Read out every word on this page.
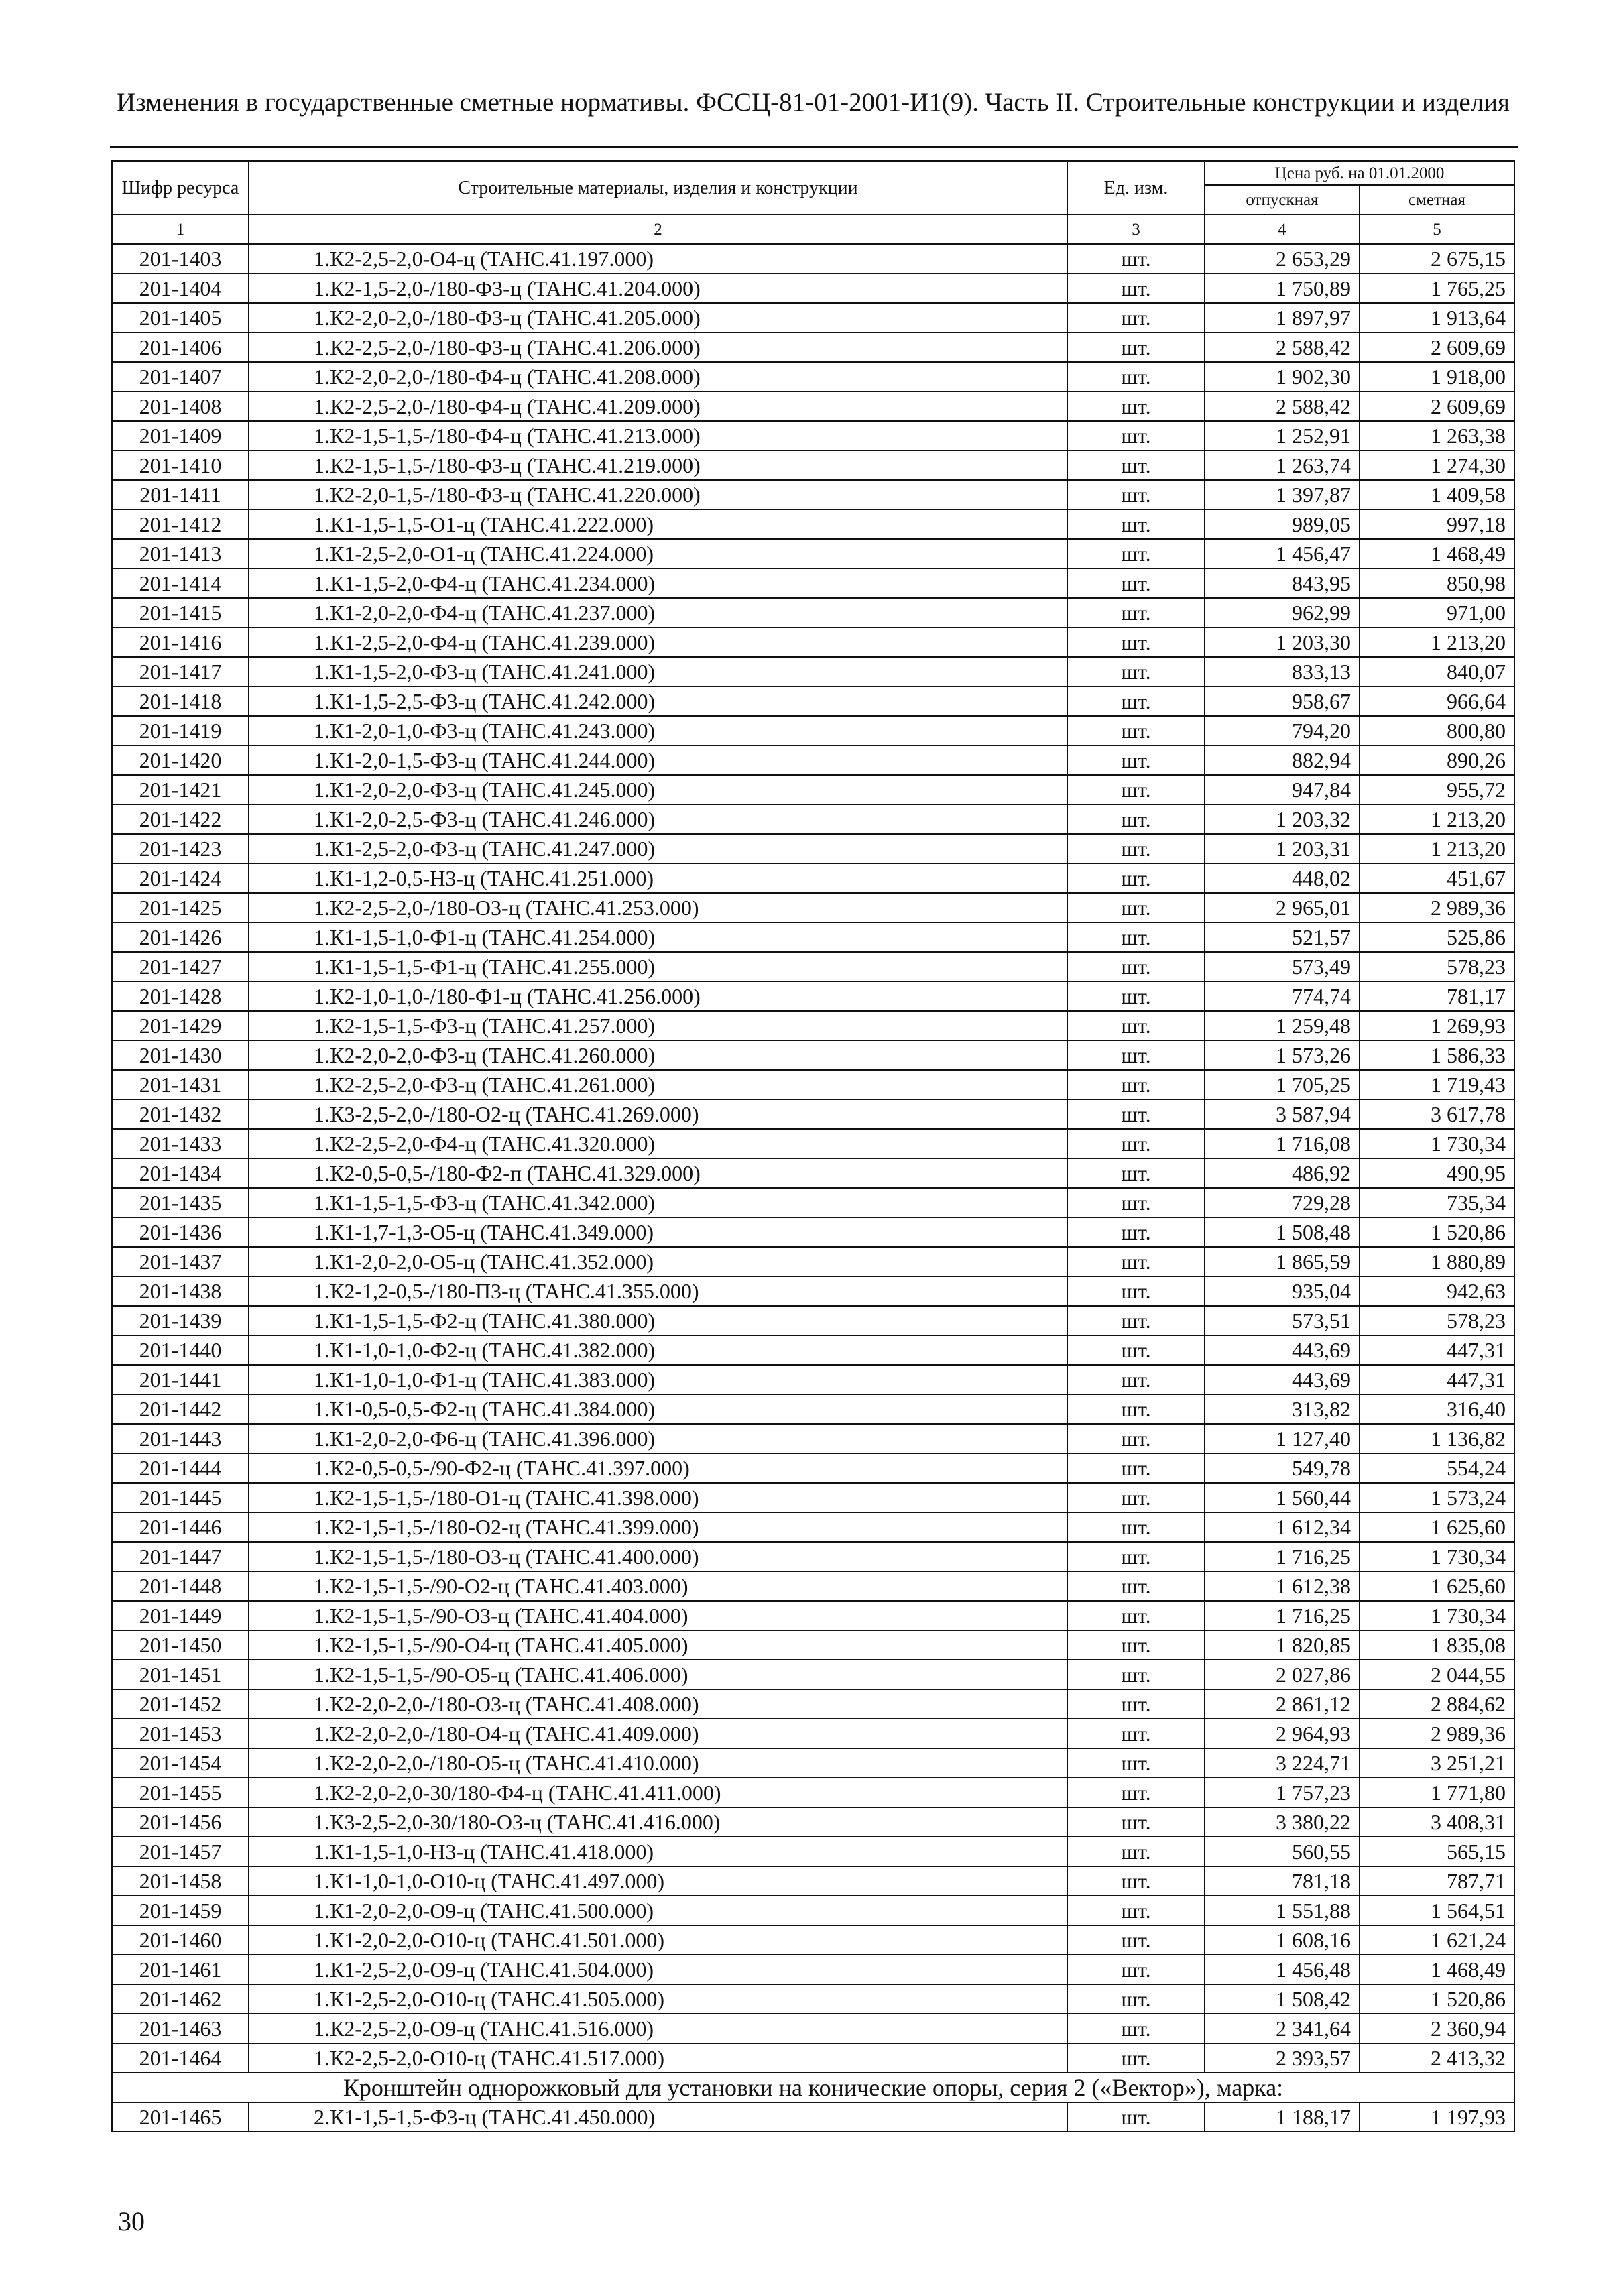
Изменения в государственные сметные нормативы. ФССЦ-81-01-2001-И1(9). Часть II. Строительные конструкции и изделия
Шифр ресурса	Строительные материалы, изделия и конструкции	Ед. изм.	Цена руб. на 01.01.2000	
			отпускная	сметная
1	2	3	4	5
201-1403	1.К2-2,5-2,0-О4-ц (ТАНС.41.197.000)	шт.	2 653,29	2 675,15
201-1404	1.К2-1,5-2,0-/180-Ф3-ц (ТАНС.41.204.000)	шт.	1 750,89	1 765,25
201-1405	1.К2-2,0-2,0-/180-Ф3-ц (ТАНС.41.205.000)	шт.	1 897,97	1 913,64
201-1406	1.К2-2,5-2,0-/180-Ф3-ц (ТАНС.41.206.000)	шт.	2 588,42	2 609,69
201-1407	1.К2-2,0-2,0-/180-Ф4-ц (ТАНС.41.208.000)	шт.	1 902,30	1 918,00
201-1408	1.К2-2,5-2,0-/180-Ф4-ц (ТАНС.41.209.000)	шт.	2 588,42	2 609,69
201-1409	1.К2-1,5-1,5-/180-Ф4-ц (ТАНС.41.213.000)	шт.	1 252,91	1 263,38
201-1410	1.К2-1,5-1,5-/180-Ф3-ц (ТАНС.41.219.000)	шт.	1 263,74	1 274,30
201-1411	1.К2-2,0-1,5-/180-Ф3-ц (ТАНС.41.220.000)	шт.	1 397,87	1 409,58
201-1412	1.К1-1,5-1,5-О1-ц (ТАНС.41.222.000)	шт.	989,05	997,18
201-1413	1.К1-2,5-2,0-О1-ц (ТАНС.41.224.000)	шт.	1 456,47	1 468,49
201-1414	1.К1-1,5-2,0-Ф4-ц (ТАНС.41.234.000)	шт.	843,95	850,98
201-1415	1.К1-2,0-2,0-Ф4-ц (ТАНС.41.237.000)	шт.	962,99	971,00
201-1416	1.К1-2,5-2,0-Ф4-ц (ТАНС.41.239.000)	шт.	1 203,30	1 213,20
201-1417	1.К1-1,5-2,0-Ф3-ц (ТАНС.41.241.000)	шт.	833,13	840,07
201-1418	1.К1-1,5-2,5-Ф3-ц (ТАНС.41.242.000)	шт.	958,67	966,64
201-1419	1.К1-2,0-1,0-Ф3-ц (ТАНС.41.243.000)	шт.	794,20	800,80
201-1420	1.К1-2,0-1,5-Ф3-ц (ТАНС.41.244.000)	шт.	882,94	890,26
201-1421	1.К1-2,0-2,0-Ф3-ц (ТАНС.41.245.000)	шт.	947,84	955,72
201-1422	1.К1-2,0-2,5-Ф3-ц (ТАНС.41.246.000)	шт.	1 203,32	1 213,20
201-1423	1.К1-2,5-2,0-Ф3-ц (ТАНС.41.247.000)	шт.	1 203,31	1 213,20
201-1424	1.К1-1,2-0,5-Н3-ц (ТАНС.41.251.000)	шт.	448,02	451,67
201-1425	1.К2-2,5-2,0-/180-О3-ц (ТАНС.41.253.000)	шт.	2 965,01	2 989,36
201-1426	1.К1-1,5-1,0-Ф1-ц (ТАНС.41.254.000)	шт.	521,57	525,86
201-1427	1.К1-1,5-1,5-Ф1-ц (ТАНС.41.255.000)	шт.	573,49	578,23
201-1428	1.К2-1,0-1,0-/180-Ф1-ц (ТАНС.41.256.000)	шт.	774,74	781,17
201-1429	1.К2-1,5-1,5-Ф3-ц (ТАНС.41.257.000)	шт.	1 259,48	1 269,93
201-1430	1.К2-2,0-2,0-Ф3-ц (ТАНС.41.260.000)	шт.	1 573,26	1 586,33
201-1431	1.К2-2,5-2,0-Ф3-ц (ТАНС.41.261.000)	шт.	1 705,25	1 719,43
201-1432	1.К3-2,5-2,0-/180-О2-ц (ТАНС.41.269.000)	шт.	3 587,94	3 617,78
201-1433	1.К2-2,5-2,0-Ф4-ц (ТАНС.41.320.000)	шт.	1 716,08	1 730,34
201-1434	1.К2-0,5-0,5-/180-Ф2-п (ТАНС.41.329.000)	шт.	486,92	490,95
201-1435	1.К1-1,5-1,5-Ф3-ц (ТАНС.41.342.000)	шт.	729,28	735,34
201-1436	1.К1-1,7-1,3-О5-ц (ТАНС.41.349.000)	шт.	1 508,48	1 520,86
201-1437	1.К1-2,0-2,0-О5-ц (ТАНС.41.352.000)	шт.	1 865,59	1 880,89
201-1438	1.К2-1,2-0,5-/180-П3-ц (ТАНС.41.355.000)	шт.	935,04	942,63
201-1439	1.К1-1,5-1,5-Ф2-ц (ТАНС.41.380.000)	шт.	573,51	578,23
201-1440	1.К1-1,0-1,0-Ф2-ц (ТАНС.41.382.000)	шт.	443,69	447,31
201-1441	1.К1-1,0-1,0-Ф1-ц (ТАНС.41.383.000)	шт.	443,69	447,31
201-1442	1.К1-0,5-0,5-Ф2-ц (ТАНС.41.384.000)	шт.	313,82	316,40
201-1443	1.К1-2,0-2,0-Ф6-ц (ТАНС.41.396.000)	шт.	1 127,40	1 136,82
201-1444	1.К2-0,5-0,5-/90-Ф2-ц (ТАНС.41.397.000)	шт.	549,78	554,24
201-1445	1.К2-1,5-1,5-/180-О1-ц (ТАНС.41.398.000)	шт.	1 560,44	1 573,24
201-1446	1.К2-1,5-1,5-/180-О2-ц (ТАНС.41.399.000)	шт.	1 612,34	1 625,60
201-1447	1.К2-1,5-1,5-/180-О3-ц (ТАНС.41.400.000)	шт.	1 716,25	1 730,34
201-1448	1.К2-1,5-1,5-/90-О2-ц (ТАНС.41.403.000)	шт.	1 612,38	1 625,60
201-1449	1.К2-1,5-1,5-/90-О3-ц (ТАНС.41.404.000)	шт.	1 716,25	1 730,34
201-1450	1.К2-1,5-1,5-/90-О4-ц (ТАНС.41.405.000)	шт.	1 820,85	1 835,08
201-1451	1.К2-1,5-1,5-/90-О5-ц (ТАНС.41.406.000)	шт.	2 027,86	2 044,55
201-1452	1.К2-2,0-2,0-/180-О3-ц (ТАНС.41.408.000)	шт.	2 861,12	2 884,62
201-1453	1.К2-2,0-2,0-/180-О4-ц (ТАНС.41.409.000)	шт.	2 964,93	2 989,36
201-1454	1.К2-2,0-2,0-/180-О5-ц (ТАНС.41.410.000)	шт.	3 224,71	3 251,21
201-1455	1.К2-2,0-2,0-30/180-Ф4-ц (ТАНС.41.411.000)	шт.	1 757,23	1 771,80
201-1456	1.К3-2,5-2,0-30/180-О3-ц (ТАНС.41.416.000)	шт.	3 380,22	3 408,31
201-1457	1.К1-1,5-1,0-Н3-ц (ТАНС.41.418.000)	шт.	560,55	565,15
201-1458	1.К1-1,0-1,0-О10-ц (ТАНС.41.497.000)	шт.	781,18	787,71
201-1459	1.К1-2,0-2,0-О9-ц (ТАНС.41.500.000)	шт.	1 551,88	1 564,51
201-1460	1.К1-2,0-2,0-О10-ц (ТАНС.41.501.000)	шт.	1 608,16	1 621,24
201-1461	1.К1-2,5-2,0-О9-ц (ТАНС.41.504.000)	шт.	1 456,48	1 468,49
201-1462	1.К1-2,5-2,0-О10-ц (ТАНС.41.505.000)	шт.	1 508,42	1 520,86
201-1463	1.К2-2,5-2,0-О9-ц (ТАНС.41.516.000)	шт.	2 341,64	2 360,94
201-1464	1.К2-2,5-2,0-О10-ц (ТАНС.41.517.000)	шт.	2 393,57	2 413,32
Кронштейн однорожковый для установки на конические опоры, серия 2 («Вектор»), марка:				
201-1465	2.К1-1,5-1,5-Ф3-ц (ТАНС.41.450.000)	шт.	1 188,17	1 197,93
30
